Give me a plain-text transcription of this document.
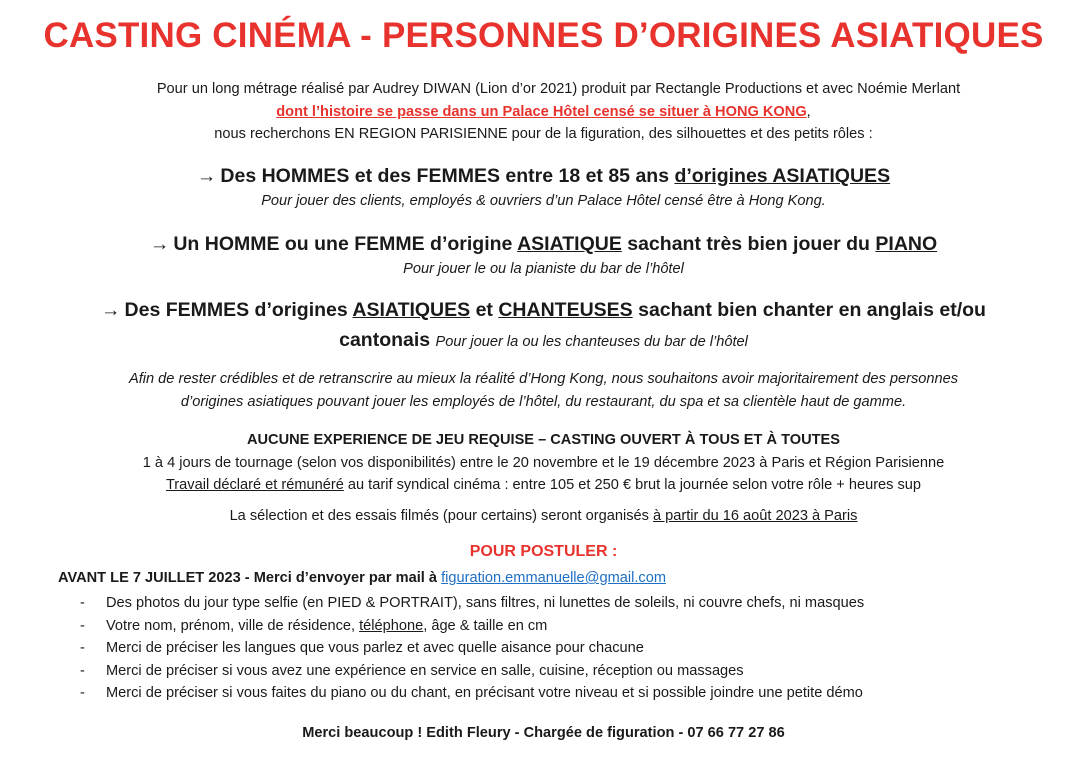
CASTING CINÉMA - PERSONNES D’ORIGINES ASIATIQUES
Pour un long métrage réalisé par Audrey DIWAN (Lion d’or 2021) produit par Rectangle Productions et avec Noémie Merlant
dont l’histoire se passe dans un Palace Hôtel censé se situer à HONG KONG,
nous recherchons EN REGION PARISIENNE pour de la figuration, des silhouettes et des petits rôles :
→ Des HOMMES et des FEMMES entre 18 et 85 ans d’origines ASIATIQUES
Pour jouer des clients, employés & ouvriers d’un Palace Hôtel censé être à Hong Kong.
→ Un HOMME ou une FEMME d’origine ASIATIQUE sachant très bien jouer du PIANO
Pour jouer le ou la pianiste du bar de l’hôtel
→ Des FEMMES d’origines ASIATIQUES et CHANTEUSES sachant bien chanter en anglais et/ou
cantonais Pour jouer la ou les chanteuses du bar de l’hôtel
Afin de rester crédibles et de retranscrire au mieux la réalité d’Hong Kong, nous souhaitons avoir majoritairement des personnes
d’origines asiatiques pouvant jouer les employés de l’hôtel, du restaurant, du spa et sa clientèle haut de gamme.
AUCUNE EXPERIENCE DE JEU REQUISE – CASTING OUVERT À TOUS ET À TOUTES
1 à 4 jours de tournage (selon vos disponibilités) entre le 20 novembre et le 19 décembre 2023 à Paris et Région Parisienne
Travail déclaré et rémunéré au tarif syndical cinéma : entre 105 et 250 € brut la journée selon votre rôle + heures sup
La sélection et des essais filmés (pour certains) seront organisés à partir du 16 août 2023 à Paris
POUR POSTULER :
AVANT LE 7 JUILLET 2023 - Merci d’envoyer par mail à figuration.emmanuelle@gmail.com
- Des photos du jour type selfie (en PIED & PORTRAIT), sans filtres, ni lunettes de soleils, ni couvre chefs, ni masques
- Votre nom, prénom, ville de résidence, téléphone, âge & taille en cm
- Merci de préciser les langues que vous parlez et avec quelle aisance pour chacune
- Merci de préciser si vous avez une expérience en service en salle, cuisine, réception ou massages
- Merci de préciser si vous faites du piano ou du chant, en précisant votre niveau et si possible joindre une petite démo
Merci beaucoup ! Edith Fleury - Chargée de figuration - 07 66 77 27 86
